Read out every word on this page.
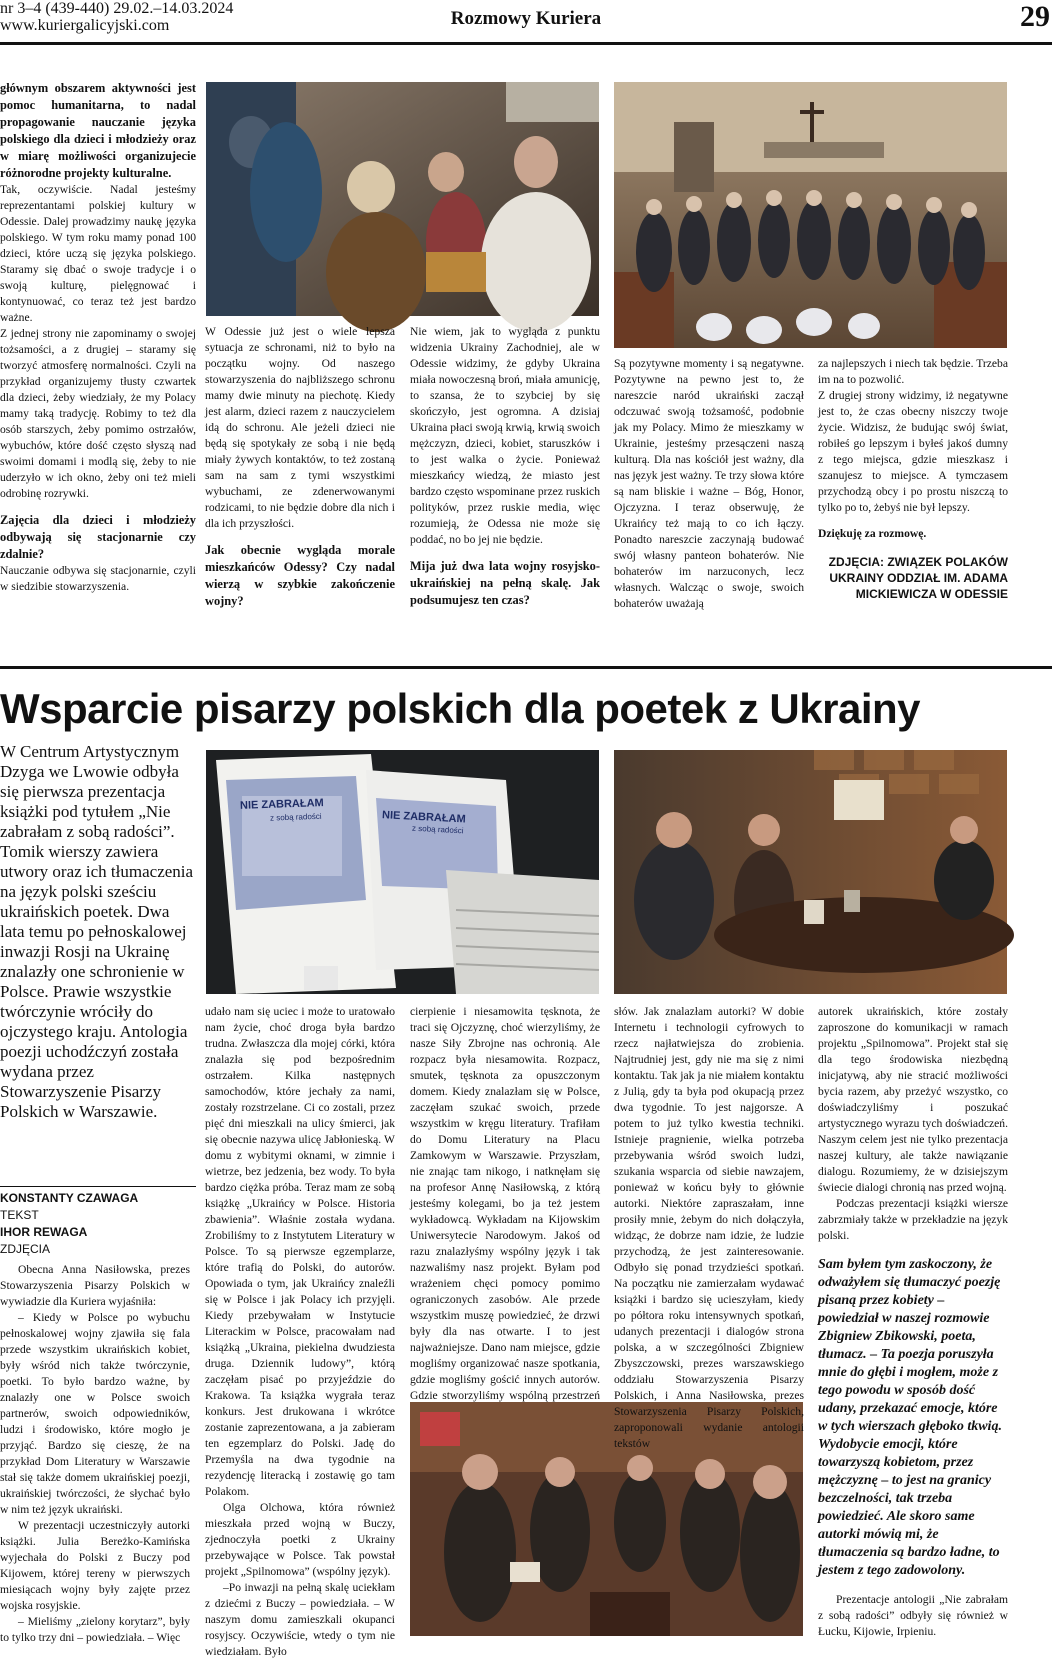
nr 3–4 (439-440) 29.02.–14.03.2024
www.kuriergalicyjski.com	Rozmowy Kuriera	29

głównym obszarem aktywności jest pomoc humanitarna, to nadal propagowanie nauczanie języka polskiego dla dzieci i młodzieży oraz w miarę możliwości organizujecie różnorodne projekty kulturalne.

Tak, oczywiście. Nadal jesteśmy reprezentantami polskiej kultury w Odessie. Dalej prowadzimy naukę języka polskiego. W tym roku mamy ponad 100 dzieci, które uczą się języka polskiego. Staramy się dbać o swoje tradycje i o swoją kulturę, pielęgnować i kontynuować, co teraz też jest bardzo ważne.

Z jednej strony nie zapominamy o swojej tożsamości, a z drugiej – staramy się tworzyć atmosferę normalności. Czyli na przykład organizujemy tłusty czwartek dla dzieci, żeby wiedziały, że my Polacy mamy taką tradycję. Robimy to też dla osób starszych, żeby pomimo ostrzałów, wybuchów, które dość często słyszą nad swoimi domami i modlą się, żeby to nie uderzyło w ich okno, żeby oni też mieli odrobinę rozrywki.

Zajęcia dla dzieci i młodzieży odbywają się stacjonarnie czy zdalnie?

Nauczanie odbywa się stacjonarnie, czyli w siedzibie stowarzyszenia.

W Odessie już jest o wiele lepsza sytuacja ze schronami, niż to było na początku wojny. Od naszego stowarzyszenia do najbliższego schronu mamy dwie minuty na piechotę. Kiedy jest alarm, dzieci razem z nauczycielem idą do schronu. Ale jeżeli dzieci nie będą się spotykały ze sobą i nie będą miały żywych kontaktów, to też zostaną sam na sam z tymi wszystkimi wybuchami, ze zdenerwowanymi rodzicami, to nie będzie dobre dla nich i dla ich przyszłości.

Jak obecnie wygląda morale mieszkańców Odessy? Czy nadal wierzą w szybkie zakończenie wojny?

Nie wiem, jak to wygląda z punktu widzenia Ukrainy Zachodniej, ale w Odessie widzimy, że gdyby Ukraina miała nowoczesną broń, miała amunicję, to szansa, że to szybciej by się skończyło, jest ogromna. A dzisiaj Ukraina płaci swoją krwią, krwią swoich mężczyzn, dzieci, kobiet, staruszków i to jest walka o życie. Ponieważ mieszkańcy wiedzą, że miasto jest bardzo często wspominane przez ruskich polityków, przez ruskie media, więc rozumieją, że Odessa nie może się poddać, no bo jej nie będzie.

Mija już dwa lata wojny rosyjsko-ukraińskiej na pełną skalę. Jak podsumujesz ten czas?

Są pozytywne momenty i są negatywne. Pozytywne na pewno jest to, że nareszcie naród ukraiński zaczął odczuwać swoją tożsamość, podobnie jak my Polacy. Mimo że mieszkamy w Ukrainie, jesteśmy przesączeni naszą kulturą. Dla nas kościół jest ważny, dla nas język jest ważny. Te trzy słowa które są nam bliskie i ważne – Bóg, Honor, Ojczyzna. I teraz obserwuję, że Ukraińcy też mają to co ich łączy. Ponadto nareszcie zaczynają budować swój własny panteon bohaterów. Nie bohaterów im narzuconych, lecz własnych. Walcząc o swoje, swoich bohaterów uważają

za najlepszych i niech tak będzie. Trzeba im na to pozwolić.

Z drugiej strony widzimy, iż negatywne jest to, że czas obecny niszczy twoje życie. Widzisz, że budując swój świat, robiłeś go lepszym i byłeś jakoś dumny z tego miejsca, gdzie mieszkasz i szanujesz to miejsce. A tymczasem przychodzą obcy i po prostu niszczą to tylko po to, żebyś nie był lepszy.

Dziękuję za rozmowę.

ZDJĘCIA: ZWIĄZEK POLAKÓW UKRAINY ODDZIAŁ IM. ADAMA MICKIEWICZA W ODESSIE

Wsparcie pisarzy polskich dla poetek z Ukrainy
W Centrum Artystycznym Dzyga we Lwowie odbyła się pierwsza prezentacja książki pod tytułem „Nie zabrałam z sobą radości”. Tomik wierszy zawiera utwory oraz ich tłumaczenia na język polski sześciu ukraińskich poetek. Dwa lata temu po pełnoskalowej inwazji Rosji na Ukrainę znalazły one schronienie w Polsce. Prawie wszystkie twórczynie wróciły do ojczystego kraju. Antologia poezji uchodźczyń została wydana przez Stowarzyszenie Pisarzy Polskich w Warszawie.
KONSTANTY CZAWAGA
TEKST
IHOR REWAGA
ZDJĘCIA
NIE ZABRAŁAM
z sobą radości	NIE ZABRAŁAM
z sobą radości

Obecna Anna Nasiłowska, prezes Stowarzyszenia Pisarzy Polskich w wywiadzie dla Kuriera wyjaśniła:

– Kiedy w Polsce po wybuchu pełnoskalowej wojny zjawiła się fala przede wszystkim ukraińskich kobiet, były wśród nich także twórczynie, poetki. To było bardzo ważne, by znalazły one w Polsce swoich partnerów, swoich odpowiedników, ludzi i środowisko, które mogło je przyjąć. Bardzo się cieszę, że na przykład Dom Literatury w Warszawie stał się także domem ukraińskiej poezji, ukraińskiej twórczości, że słychać było w nim też język ukraiński.

W prezentacji uczestniczyły autorki książki. Julia Bereżko-Kamińska wyjechała do Polski z Buczy pod Kijowem, której tereny w pierwszych miesiącach wojny były zajęte przez wojska rosyjskie.

– Mieliśmy „zielony korytarz”, były to tylko trzy dni – powiedziała. – Więc

udało nam się uciec i może to uratowało nam życie, choć droga była bardzo trudna. Zwłaszcza dla mojej córki, która znalazła się pod bezpośrednim ostrzałem. Kilka następnych samochodów, które jechały za nami, zostały rozstrzelane. Ci co zostali, przez pięć dni mieszkali na ulicy śmierci, jak się obecnie nazywa ulicę Jabłonieską. W domu z wybitymi oknami, w zimnie i wietrze, bez jedzenia, bez wody. To była bardzo ciężka próba. Teraz mam ze sobą książkę „Ukraińcy w Polsce. Historia zbawienia”. Właśnie została wydana. Zrobiliśmy to z Instytutem Literatury w Polsce. To są pierwsze egzemplarze, które trafią do Polski, do autorów. Opowiada o tym, jak Ukraińcy znaleźli się w Polsce i jak Polacy ich przyjęli. Kiedy przebywałam w Instytucie Literackim w Polsce, pracowałam nad książką „Ukraina, piekielna dwudziesta druga. Dziennik ludowy”, którą zaczęłam pisać po przyjeździe do Krakowa. Ta książka wygrała teraz konkurs. Jest drukowana i wkrótce zostanie zaprezentowana, a ja zabieram ten egzemplarz do Polski. Jadę do Przemyśla na dwa tygodnie na rezydencję literacką i zostawię go tam Polakom.

Olga Olchowa, która również mieszkała przed wojną w Buczy, zjednoczyła poetki z Ukrainy przebywające w Polsce. Tak powstał projekt „Spilnomowa” (wspólny język).

–Po inwazji na pełną skalę uciekłam z dziećmi z Buczy – powiedziała. – W naszym domu zamieszkali okupanci rosyjscy. Oczywiście, wtedy o tym nie wiedziałam. Było

cierpienie i niesamowita tęsknota, że traci się Ojczyznę, choć wierzyliśmy, że nasze Siły Zbrojne nas ochronią. Ale rozpacz była niesamowita. Rozpacz, smutek, tęsknota za opuszczonym domem. Kiedy znalazłam się w Polsce, zaczęłam szukać swoich, przede wszystkim w kręgu literatury. Trafiłam do Domu Literatury na Placu Zamkowym w Warszawie. Przyszłam, nie znając tam nikogo, i natknęłam się na profesor Annę Nasiłowską, z którą jesteśmy kolegami, bo ja też jestem wykładowcą. Wykładam na Kijowskim Uniwersytecie Narodowym. Jakoś od razu znalazłyśmy wspólny język i tak nazwaliśmy nasz projekt. Byłam pod wrażeniem chęci pomocy pomimo ograniczonych zasobów. Ale przede wszystkim muszę powiedzieć, że drzwi były dla nas otwarte. I to jest najważniejsze. Dano nam miejsce, gdzie mogliśmy organizować nasze spotkania, gdzie mogliśmy gościć innych autorów. Gdzie stworzyliśmy wspólną przestrzeń

słów. Jak znalazłam autorki? W dobie Internetu i technologii cyfrowych to rzecz najłatwiejsza do zrobienia. Najtrudniej jest, gdy nie ma się z nimi kontaktu. Tak jak ja nie miałem kontaktu z Julią, gdy ta była pod okupacją przez dwa tygodnie. To jest najgorsze. A potem to już tylko kwestia techniki. Istnieje pragnienie, wielka potrzeba przebywania wśród swoich ludzi, szukania wsparcia od siebie nawzajem, ponieważ w końcu były to głównie autorki. Niektóre zapraszałam, inne prosiły mnie, żebym do nich dołączyła, widząc, że dobrze nam idzie, że ludzie przychodzą, że jest zainteresowanie. Odbyło się ponad trzydzieści spotkań. Na początku nie zamierzałam wydawać książki i bardzo się ucieszyłam, kiedy po półtora roku intensywnych spotkań, udanych prezentacji i dialogów strona polska, a w szczególności Zbigniew Zbyszczowski, prezes warszawskiego oddziału Stowarzyszenia Pisarzy Polskich, i Anna Nasiłowska, prezes Stowarzyszenia Pisarzy Polskich, zaproponowali wydanie antologii tekstów

autorek ukraińskich, które zostały zaproszone do komunikacji w ramach projektu „Spilnomowa”. Projekt stał się dla tego środowiska niezbędną inicjatywą, aby nie stracić możliwości bycia razem, aby przeżyć wszystko, co doświadczyliśmy i poszukać artystycznego wyrazu tych doświadczeń. Naszym celem jest nie tylko prezentacja naszej kultury, ale także nawiązanie dialogu. Rozumiemy, że w dzisiejszym świecie dialogi chronią nas przed wojną.

Podczas prezentacji książki wiersze zabrzmiały także w przekładzie na język polski.

Sam byłem tym zaskoczony, że odważyłem się tłumaczyć poezję pisaną przez kobiety – powiedział w naszej rozmowie Zbigniew Zbikowski, poeta, tłumacz. – Ta poezja poruszyła mnie do głębi i mogłem, może z tego powodu w sposób dość udany, przekazać emocje, które w tych wierszach głęboko tkwią. Wydobycie emocji, które towarzyszą kobietom, przez mężczyznę – to jest na granicy bezczelności, tak trzeba powiedzieć. Ale skoro same autorki mówią mi, że tłumaczenia są bardzo ładne, to jestem z tego zadowolony.

Prezentacje antologii „Nie zabrałam z sobą radości” odbyły się również w Łucku, Kijowie, Irpieniu.
